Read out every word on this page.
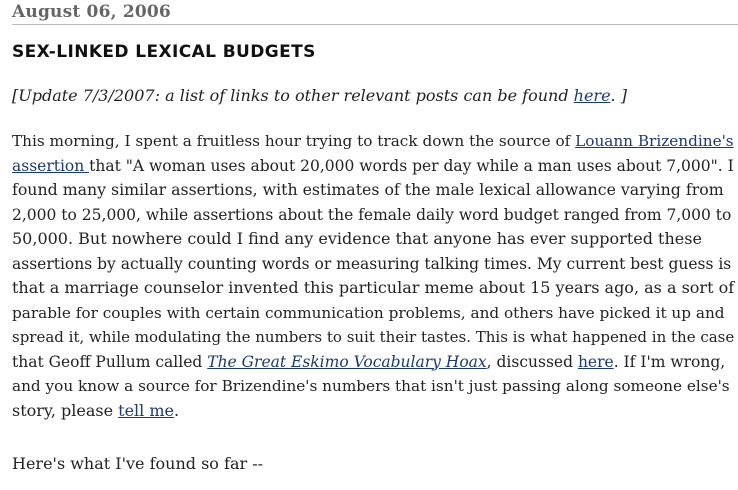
August 06, 2006
SEX-LINKED LEXICAL BUDGETS
[Update 7/3/2007: a list of links to other relevant posts can be found here. ]
This morning, I spent a fruitless hour trying to track down the source of Louann Brizendine's
assertion that "A woman uses about 20,000 words per day while a man uses about 7,000". I
found many similar assertions, with estimates of the male lexical allowance varying from
2,000 to 25,000, while assertions about the female daily word budget ranged from 7,000 to
50,000. But nowhere could I find any evidence that anyone has ever supported these
assertions by actually counting words or measuring talking times. My current best guess is
that a marriage counselor invented this particular meme about 15 years ago, as a sort of
parable for couples with certain communication problems, and others have picked it up and
spread it, while modulating the numbers to suit their tastes. This is what happened in the case
that Geoff Pullum called The Great Eskimo Vocabulary Hoax, discussed here. If I'm wrong,
and you know a source for Brizendine's numbers that isn't just passing along someone else's
story, please tell me.
Here's what I've found so far --
